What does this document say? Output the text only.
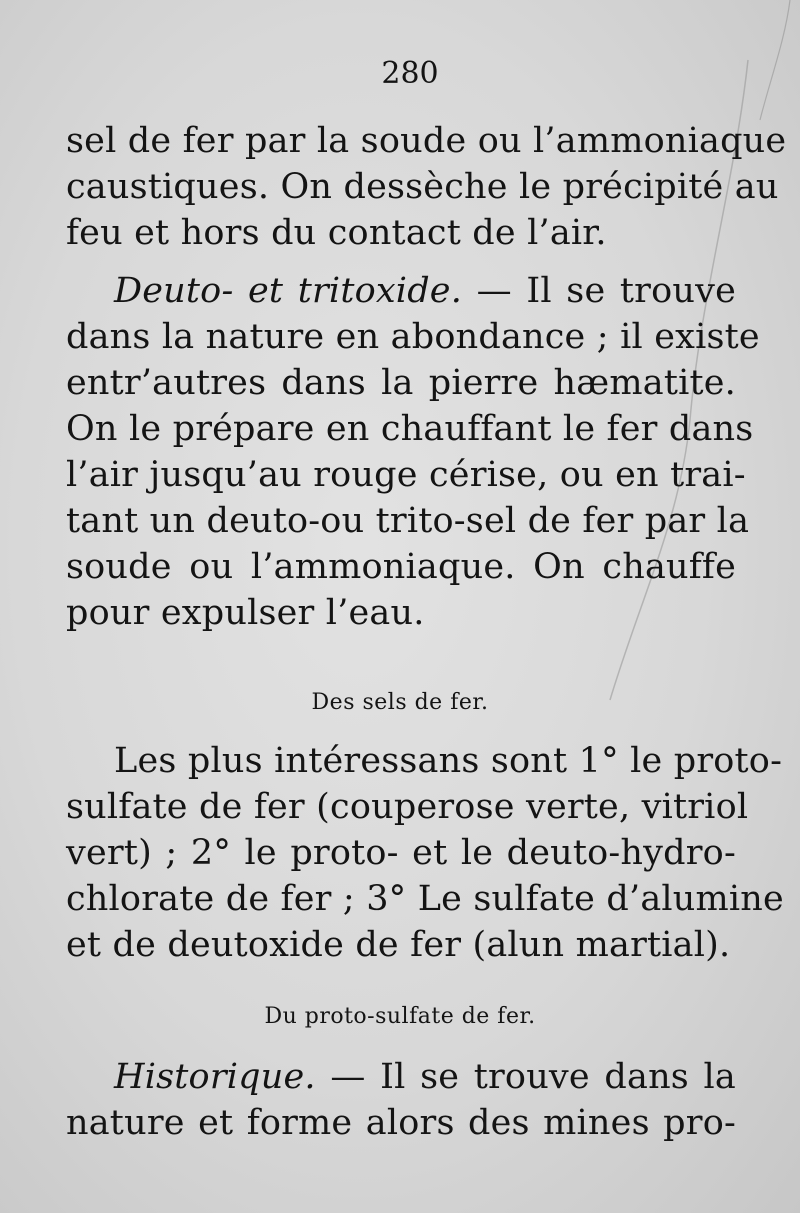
280
sel de fer par la soude ou l’ammoniaque
caustiques. On dessèche le précipité au
feu et hors du contact de l’air.
Deuto- et tritoxide. — Il se trouve
dans la nature en abondance ; il existe
entr’autres dans la pierre hæmatite.
On le prépare en chauffant le fer dans
l’air jusqu’au rouge cérise, ou en trai-
tant un deuto-ou trito-sel de fer par la
soude ou l’ammoniaque. On chauffe
pour expulser l’eau.
Des sels de fer.
Les plus intéressans sont 1° le proto-
sulfate de fer (couperose verte, vitriol
vert) ; 2° le proto- et le deuto-hydro-
chlorate de fer ; 3° Le sulfate d’alumine
et de deutoxide de fer (alun martial).
Du proto-sulfate de fer.
Historique. — Il se trouve dans la
nature et forme alors des mines pro-
